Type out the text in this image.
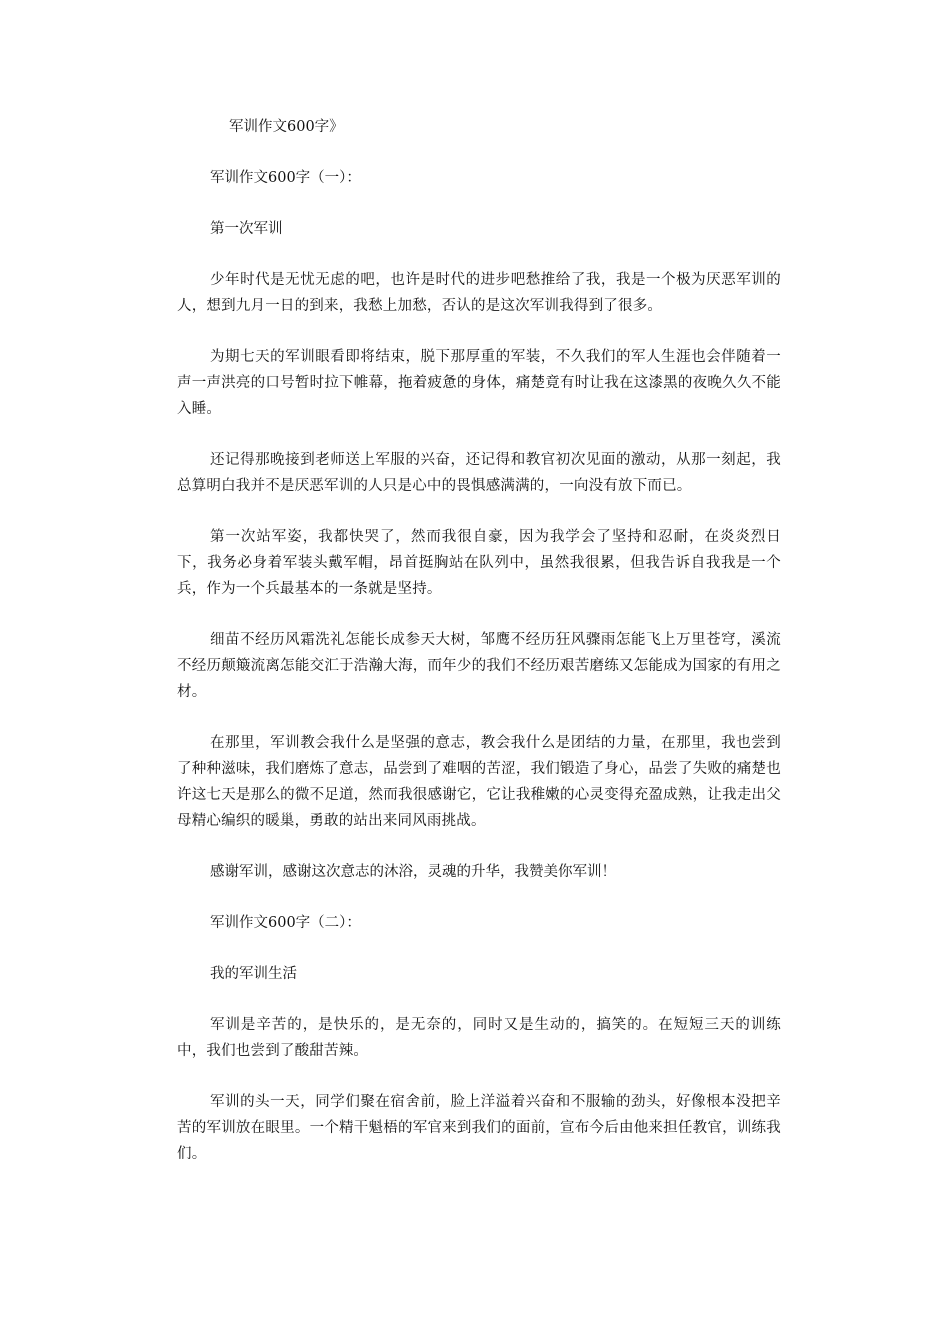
军训作文600字》
军训作文600字（一）：
第一次军训

少年时代是无忧无虑的吧，也许是时代的进步吧愁推给了我，我是一个极为厌恶军训的人，想到九月一日的到来，我愁上加愁，否认的是这次军训我得到了很多。

为期七天的军训眼看即将结束，脱下那厚重的军装，不久我们的军人生涯也会伴随着一声一声洪亮的口号暂时拉下帷幕，拖着疲惫的身体，痛楚竟有时让我在这漆黑的夜晚久久不能入睡。

还记得那晚接到老师送上军服的兴奋，还记得和教官初次见面的激动，从那一刻起，我总算明白我并不是厌恶军训的人只是心中的畏惧感满满的，一向没有放下而已。

第一次站军姿，我都快哭了，然而我很自豪，因为我学会了坚持和忍耐，在炎炎烈日下，我务必身着军装头戴军帽，昂首挺胸站在队列中，虽然我很累，但我告诉自我我是一个兵，作为一个兵最基本的一条就是坚持。

细苗不经历风霜洗礼怎能长成参天大树，邹鹰不经历狂风骤雨怎能飞上万里苍穹，溪流不经历颠簸流离怎能交汇于浩瀚大海，而年少的我们不经历艰苦磨练又怎能成为国家的有用之材。

在那里，军训教会我什么是坚强的意志，教会我什么是团结的力量，在那里，我也尝到了种种滋味，我们磨炼了意志，品尝到了难咽的苦涩，我们锻造了身心，品尝了失败的痛楚也许这七天是那么的微不足道，然而我很感谢它，它让我稚嫩的心灵变得充盈成熟，让我走出父母精心编织的暖巢，勇敢的站出来同风雨挑战。

感谢军训，感谢这次意志的沐浴，灵魂的升华，我赞美你军训！
军训作文600字（二）：
我的军训生活

军训是辛苦的，是快乐的，是无奈的，同时又是生动的，搞笑的。在短短三天的训练中，我们也尝到了酸甜苦辣。

军训的头一天，同学们聚在宿舍前，脸上洋溢着兴奋和不服输的劲头，好像根本没把辛苦的军训放在眼里。一个精干魁梧的军官来到我们的面前，宣布今后由他来担任教官，训练我们。
